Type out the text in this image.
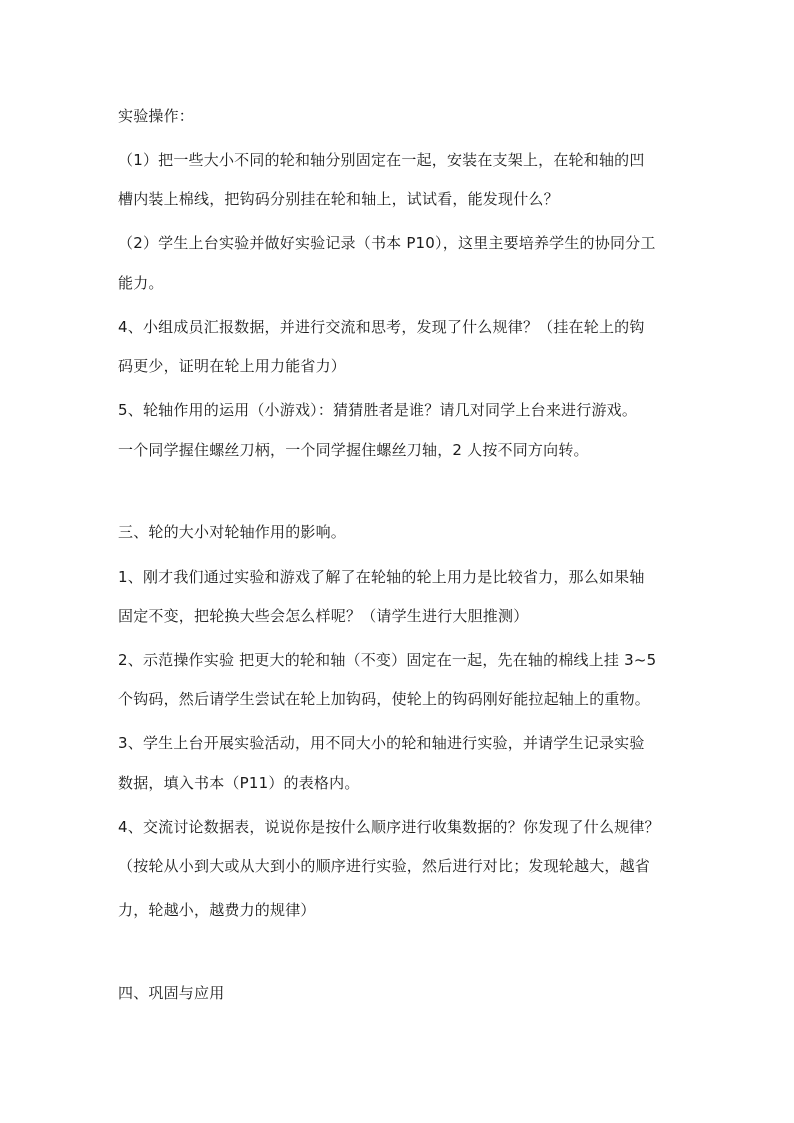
实验操作：
（1）把一些大小不同的轮和轴分别固定在一起，安装在支架上，在轮和轴的凹
槽内装上棉线，把钩码分别挂在轮和轴上，试试看，能发现什么？
（2）学生上台实验并做好实验记录（书本 P10），这里主要培养学生的协同分工
能力。
4、小组成员汇报数据，并进行交流和思考，发现了什么规律？（挂在轮上的钩
码更少，证明在轮上用力能省力）
5、轮轴作用的运用（小游戏）：猜猜胜者是谁？请几对同学上台来进行游戏。
一个同学握住螺丝刀柄，一个同学握住螺丝刀轴，2 人按不同方向转。
三、轮的大小对轮轴作用的影响。
1、刚才我们通过实验和游戏了解了在轮轴的轮上用力是比较省力，那么如果轴
固定不变，把轮换大些会怎么样呢？（请学生进行大胆推测）
2、示范操作实验 把更大的轮和轴（不变）固定在一起，先在轴的棉线上挂 3~5
个钩码，然后请学生尝试在轮上加钩码，使轮上的钩码刚好能拉起轴上的重物。
3、学生上台开展实验活动，用不同大小的轮和轴进行实验，并请学生记录实验
数据，填入书本（P11）的表格内。
4、交流讨论数据表，说说你是按什么顺序进行收集数据的？你发现了什么规律？
（按轮从小到大或从大到小的顺序进行实验，然后进行对比；发现轮越大，越省
力，轮越小，越费力的规律）
四、巩固与应用
